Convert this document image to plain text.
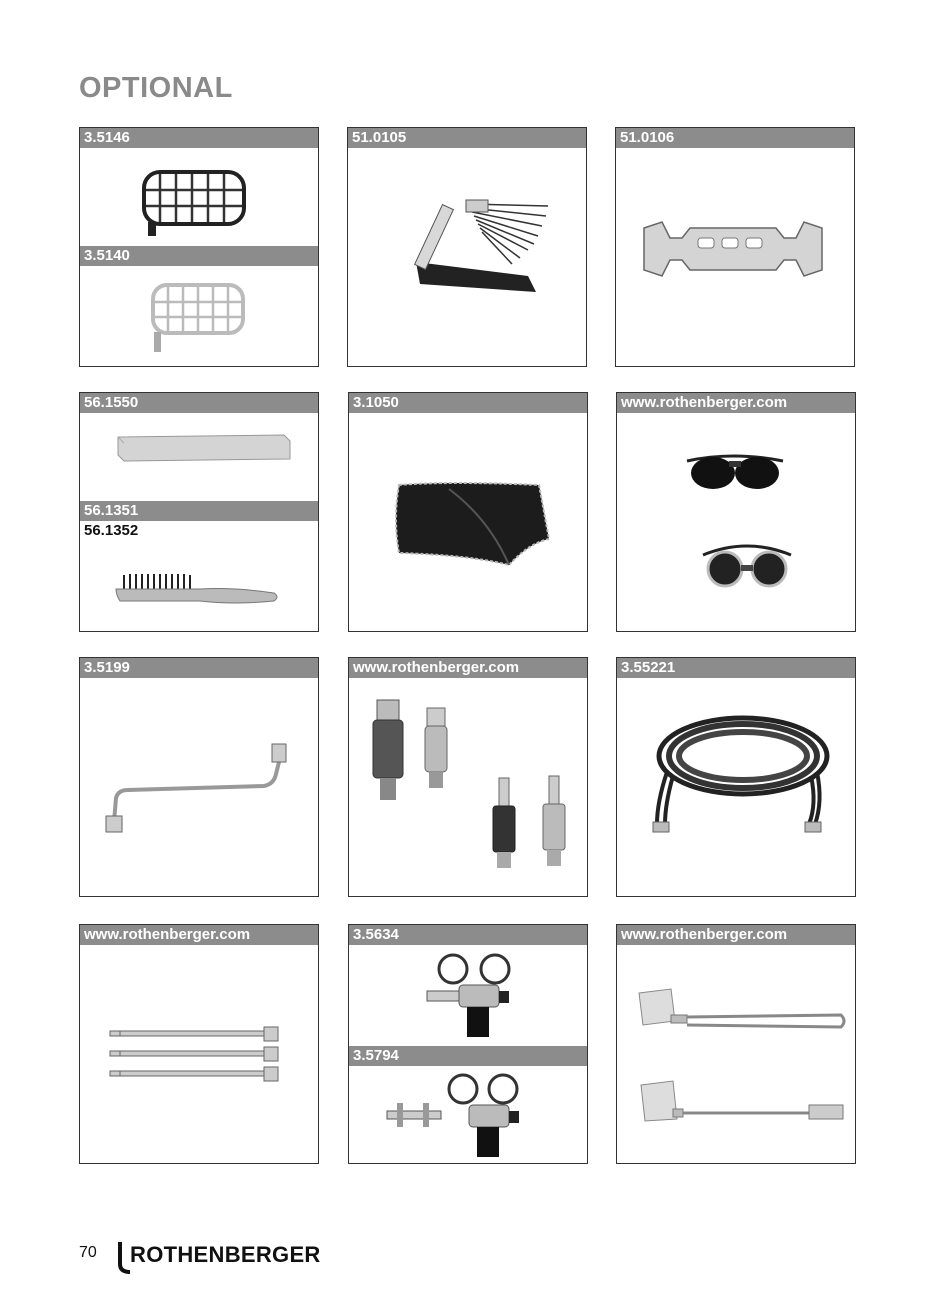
OPTIONAL
3.5146
3.5140
51.0105	51.0106
56.1550
56.1351
56.1352
3.1050	www.rothenberger.com
3.5199	www.rothenberger.com	3.55221
www.rothenberger.com	3.5634
3.5794
www.rothenberger.com
70 ROTHENBERGER
